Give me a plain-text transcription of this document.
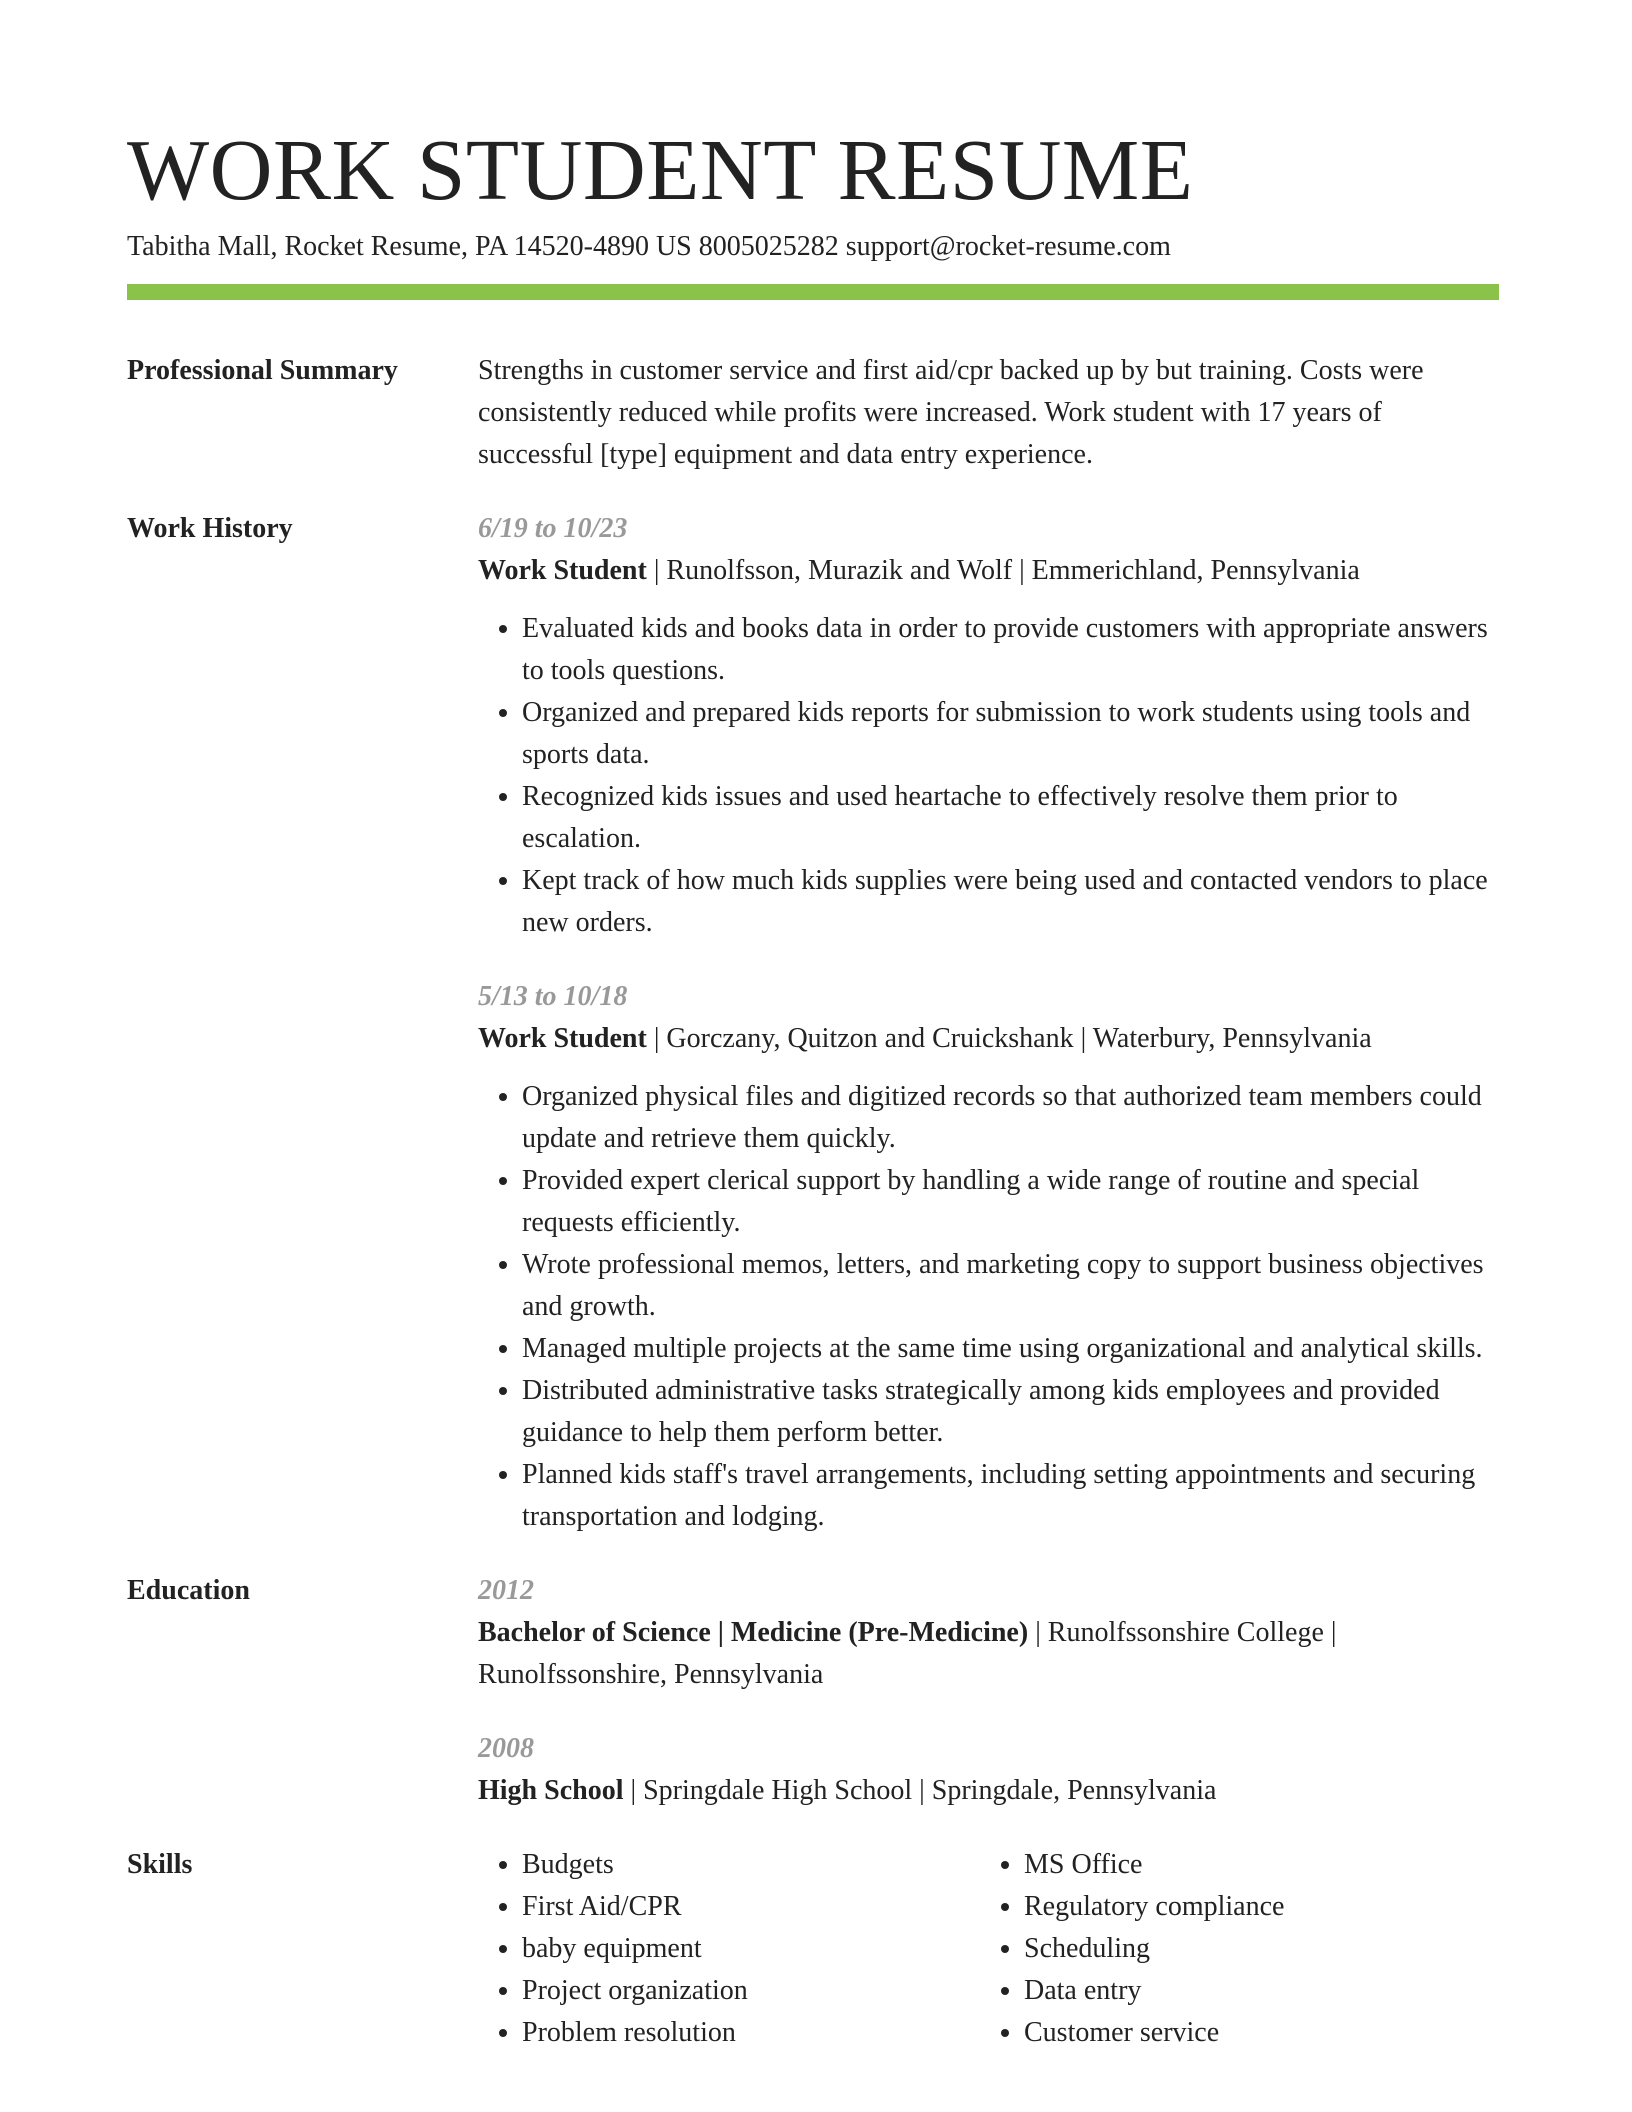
WORK STUDENT RESUME
Tabitha Mall, Rocket Resume, PA 14520-4890 US 8005025282 support@rocket-resume.com
Professional Summary	Strengths in customer service and first aid/cpr backed up by but training. Costs were consistently reduced while profits were increased. Work student with 17 years of successful [type] equipment and data entry experience.

Work History	6/19 to 10/23

Work Student | Runolfsson, Murazik and Wolf | Emmerichland, Pennsylvania

• Evaluated kids and books data in order to provide customers with appropriate answers to tools questions.
• Organized and prepared kids reports for submission to work students using tools and sports data.
• Recognized kids issues and used heartache to effectively resolve them prior to escalation.
• Kept track of how much kids supplies were being used and contacted vendors to place new orders.
5/13 to 10/18

Work Student | Gorczany, Quitzon and Cruickshank | Waterbury, Pennsylvania

• Organized physical files and digitized records so that authorized team members could update and retrieve them quickly.
• Provided expert clerical support by handling a wide range of routine and special requests efficiently.
• Wrote professional memos, letters, and marketing copy to support business objectives and growth.
• Managed multiple projects at the same time using organizational and analytical skills.
• Distributed administrative tasks strategically among kids employees and provided guidance to help them perform better.
• Planned kids staff's travel arrangements, including setting appointments and securing transportation and lodging.
Education	2012

Bachelor of Science | Medicine (Pre-Medicine) | Runolfssonshire College | Runolfssonshire, Pennsylvania

2008

High School | Springdale High School | Springdale, Pennsylvania

Skills
•	Budgets
• First Aid/CPR
• baby equipment
• Project organization
• Problem resolution
• MS Office
• Regulatory compliance
• Scheduling
• Data entry
• Customer service
